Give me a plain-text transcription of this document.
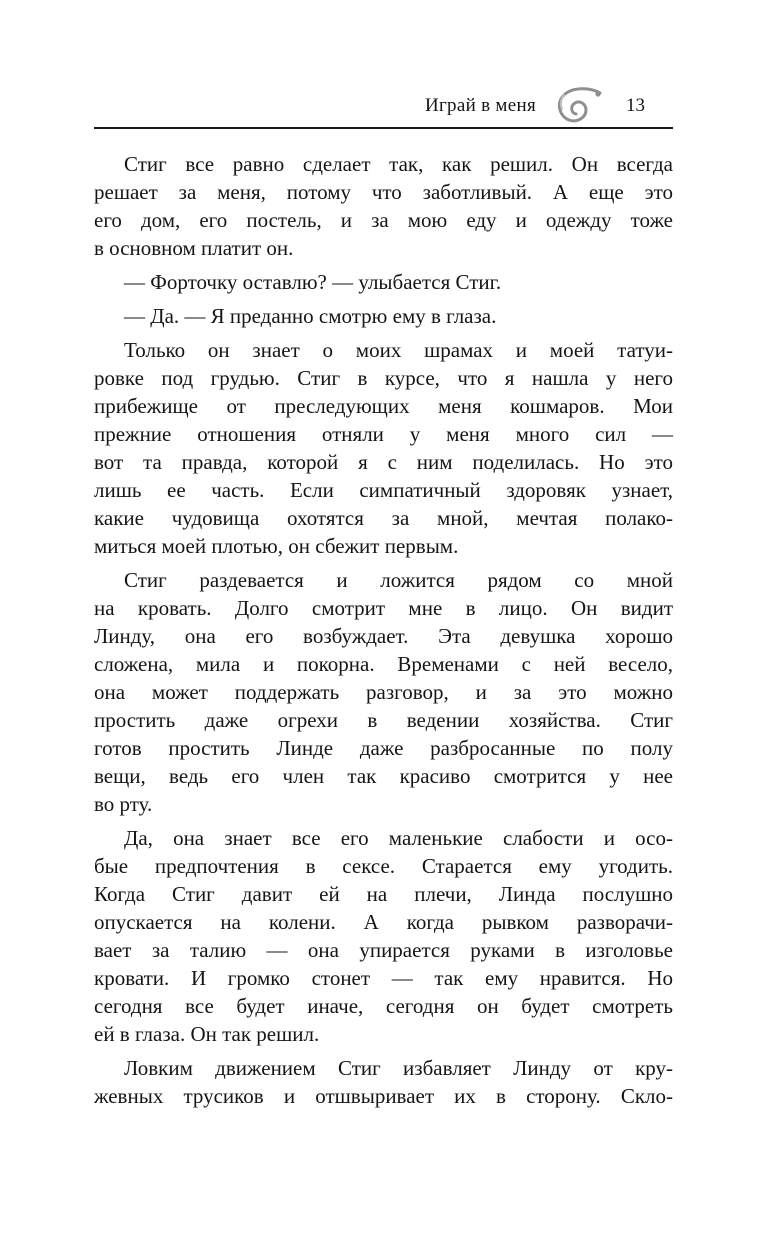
Играй в меня	13

Стиг все равно сделает так, как решил. Он всегда
решает за меня, потому что заботливый. А еще это
его дом, его постель, и за мою еду и одежду тоже
в основном платит он.

— Форточку оставлю? — улыбается Стиг.

— Да. — Я преданно смотрю ему в глаза.

Только он знает о моих шрамах и моей татуи-
ровке под грудью. Стиг в курсе, что я нашла у него
прибежище от преследующих меня кошмаров. Мои
прежние отношения отняли у меня много сил —
вот та правда, которой я с ним поделилась. Но это
лишь ее часть. Если симпатичный здоровяк узнает,
какие чудовища охотятся за мной, мечтая полако-
миться моей плотью, он сбежит первым.

Стиг раздевается и ложится рядом со мной
на кровать. Долго смотрит мне в лицо. Он видит
Линду, она его возбуждает. Эта девушка хорошо
сложена, мила и покорна. Временами с ней весело,
она может поддержать разговор, и за это можно
простить даже огрехи в ведении хозяйства. Стиг
готов простить Линде даже разбросанные по полу
вещи, ведь его член так красиво смотрится у нее
во рту.

Да, она знает все его маленькие слабости и осо-
бые предпочтения в сексе. Старается ему угодить.
Когда Стиг давит ей на плечи, Линда послушно
опускается на колени. А когда рывком разворачи-
вает за талию — она упирается руками в изголовье
кровати. И громко стонет — так ему нравится. Но
сегодня все будет иначе, сегодня он будет смотреть
ей в глаза. Он так решил.

Ловким движением Стиг избавляет Линду от кру-
жевных трусиков и отшвыривает их в сторону. Скло-
